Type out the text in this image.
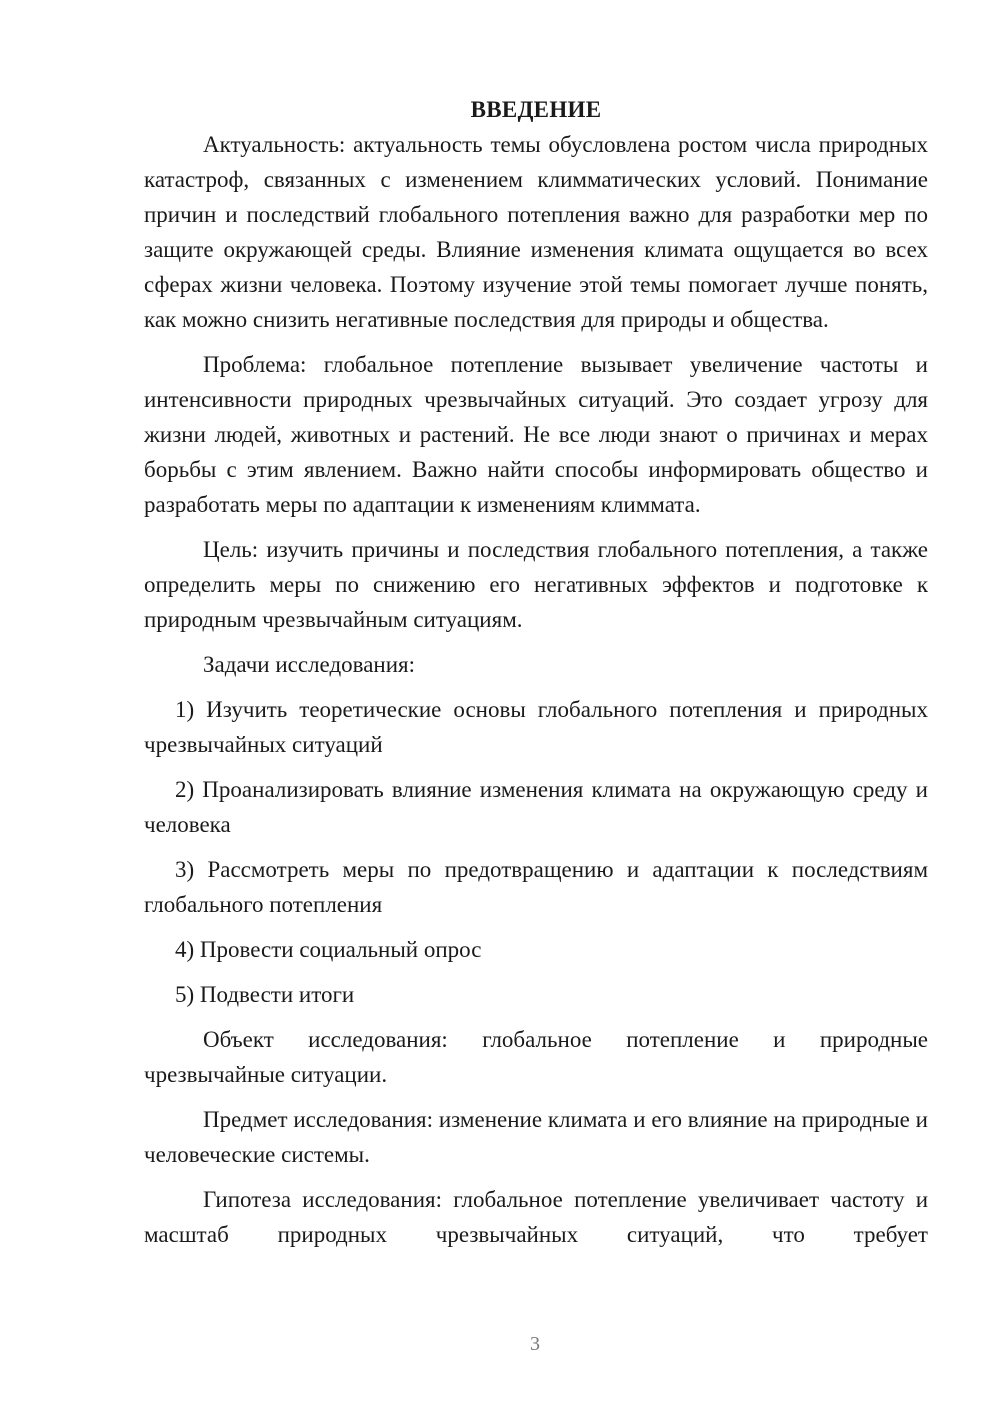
ВВЕДЕНИЕ

Актуальность: актуальность темы обусловлена ростом числа природных катастроф, связанных с изменением климматических условий. Понимание причин и последствий глобального потепления важно для разработки мер по защите окружающей среды. Влияние изменения климата ощущается во всех сферах жизни человека. Поэтому изучение этой темы помогает лучше понять, как можно снизить негативные последствия для природы и общества.

Проблема: глобальное потепление вызывает увеличение частоты и интенсивности природных чрезвычайных ситуаций. Это создает угрозу для жизни людей, животных и растений. Не все люди знают о причинах и мерах борьбы с этим явлением. Важно найти способы информировать общество и разработать меры по адаптации к изменениям климмата.

Цель: изучить причины и последствия глобального потепления, а также определить меры по снижению его негативных эффектов и подготовке к природным чрезвычайным ситуациям.

Задачи исследования:

1) Изучить теоретические основы глобального потепления и природных чрезвычайных ситуаций

2) Проанализировать влияние изменения климата на окружающую среду и человека

3) Рассмотреть меры по предотвращению и адаптации к последствиям глобального потепления

4) Провести социальный опрос

5) Подвести итоги

Объект исследования: глобальное потепление и природные чрезвычайные ситуации.

Предмет исследования: изменение климата и его влияние на природные и человеческие системы.

Гипотеза исследования: глобальное потепление увеличивает частоту и масштаб природных чрезвычайных ситуаций, что требует

3
